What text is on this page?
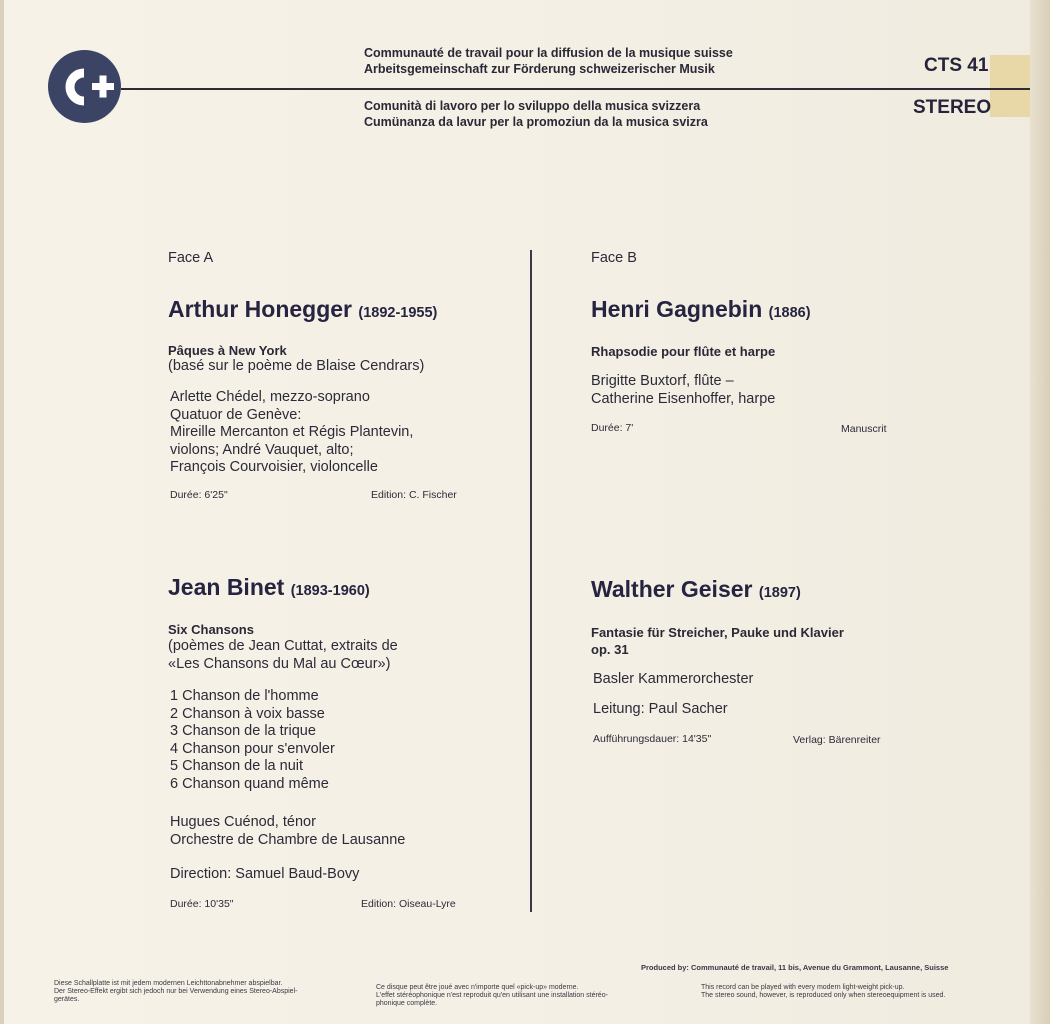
Communauté de travail pour la diffusion de la musique suisse
Arbeitsgemeinschaft zur Förderung schweizerischer Musik
Comunità di lavoro per lo sviluppo della musica svizzera
Cumünanza da lavur per la promoziun da la musica svizra
CTS 41
STEREO
Face A
Arthur Honegger (1892-1955)
Pâques à New York
(basé sur le poème de Blaise Cendrars)
Arlette Chédel, mezzo-soprano
Quatuor de Genève:
Mireille Mercanton et Régis Plantevin,
violons; André Vauquet, alto;
François Courvoisier, violoncelle
Durée: 6'25"	Edition: C. Fischer
Jean Binet (1893-1960)
Six Chansons
(poèmes de Jean Cuttat, extraits de
«Les Chansons du Mal au Cœur»)
1 Chanson de l'homme
2 Chanson à voix basse
3 Chanson de la trique
4 Chanson pour s'envoler
5 Chanson de la nuit
6 Chanson quand même
Hugues Cuénod, ténor
Orchestre de Chambre de Lausanne
Direction: Samuel Baud-Bovy
Durée: 10'35"	Edition: Oiseau-Lyre
Face B
Henri Gagnebin (1886)
Rhapsodie pour flûte et harpe
Brigitte Buxtorf, flûte –
Catherine Eisenhoffer, harpe
Durée: 7'	Manuscrit
Walther Geiser (1897)
Fantasie für Streicher, Pauke und Klavier
op. 31
Basler Kammerorchester
Leitung: Paul Sacher
Aufführungsdauer: 14'35"	Verlag: Bärenreiter
Produced by: Communauté de travail, 11 bis, Avenue du Grammont, Lausanne, Suisse
Diese Schallplatte ist mit jedem modernen Leichttonabnehmer abspielbar.
Der Stereo-Effekt ergibt sich jedoch nur bei Verwendung eines Stereo-Abspiel-
gerätes.
Ce disque peut être joué avec n'importe quel «pick-up» moderne.
L'effet stéréophonique n'est reproduit qu'en utilisant une installation stéréo-
phonique complète.
This record can be played with every modern light-weight pick-up.
The stereo sound, however, is reproduced only when stereoequipment is used.
